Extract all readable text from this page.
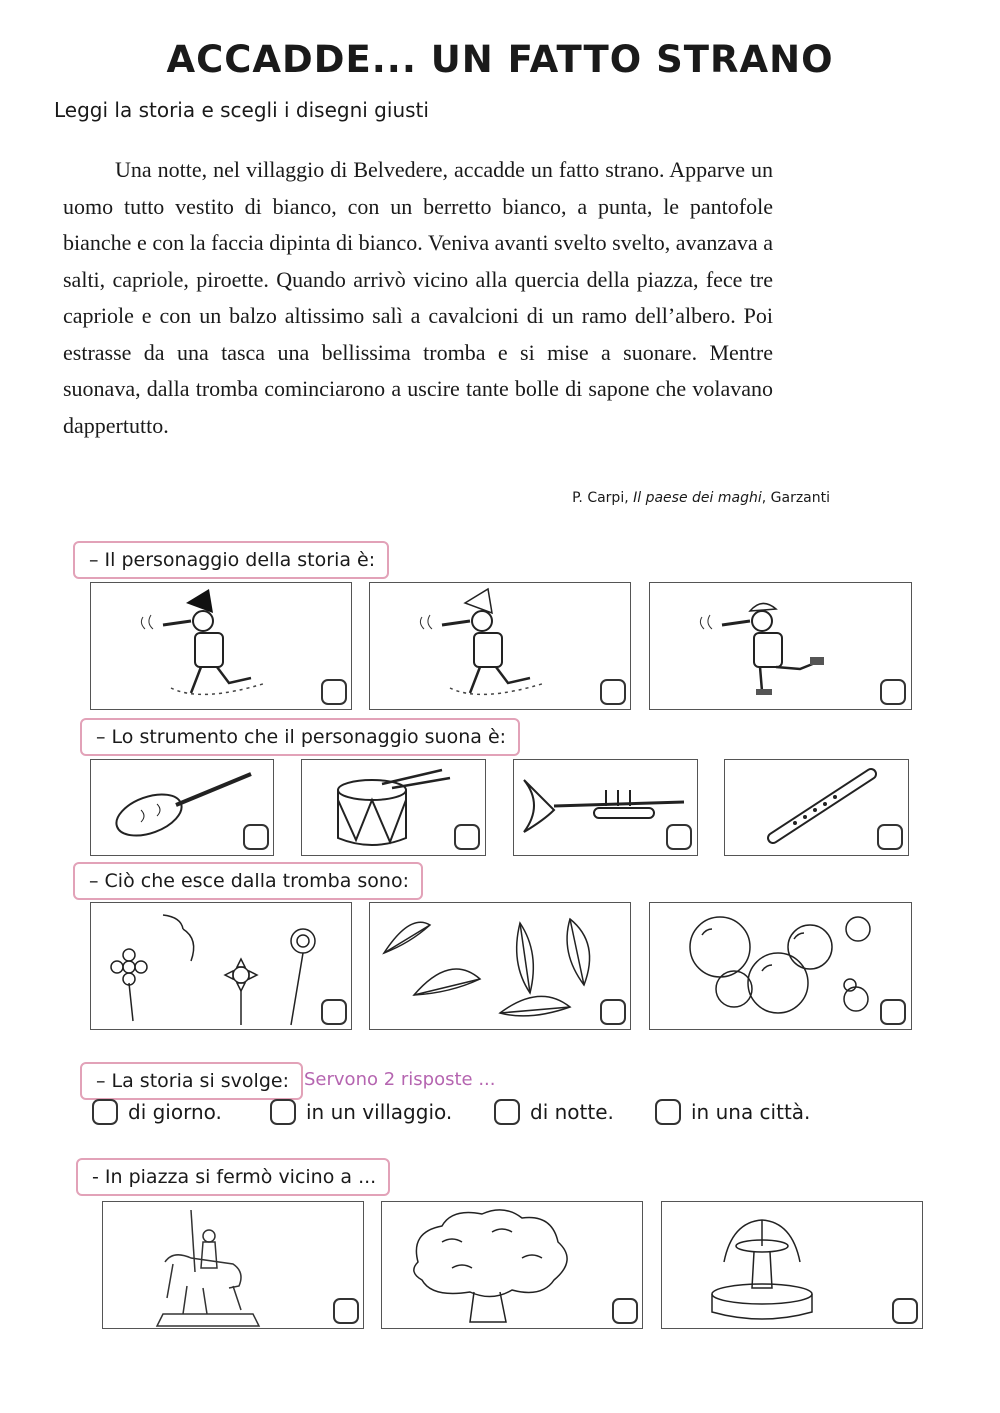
ACCADDE... UN FATTO STRANO
Leggi la storia e scegli i disegni giusti

Una notte, nel villaggio di Belvedere, accadde un fatto strano. Apparve un uomo tutto vestito di bianco, con un berretto bianco, a punta, le pantofole bianche e con la faccia dipinta di bianco. Veniva avanti svelto svelto, avanzava a salti, capriole, piroette. Quando arrivò vicino alla quercia della piazza, fece tre capriole e con un balzo altissimo salì a cavalcioni di un ramo dell’albero. Poi estrasse da una tasca una bellissima tromba e si mise a suonare. Mentre suonava, dalla tromba cominciarono a uscire tante bolle di sapone che volavano dappertutto.

P. Carpi, Il paese dei maghi, Garzanti
– Il personaggio della storia è:
– Lo strumento che il personaggio suona è:
– Ciò che esce dalla tromba sono:
– La storia si svolge: Servono 2 risposte ...
di giorno.	in un villaggio.	di notte.	in una città.
- In piazza si fermò vicino a ...
